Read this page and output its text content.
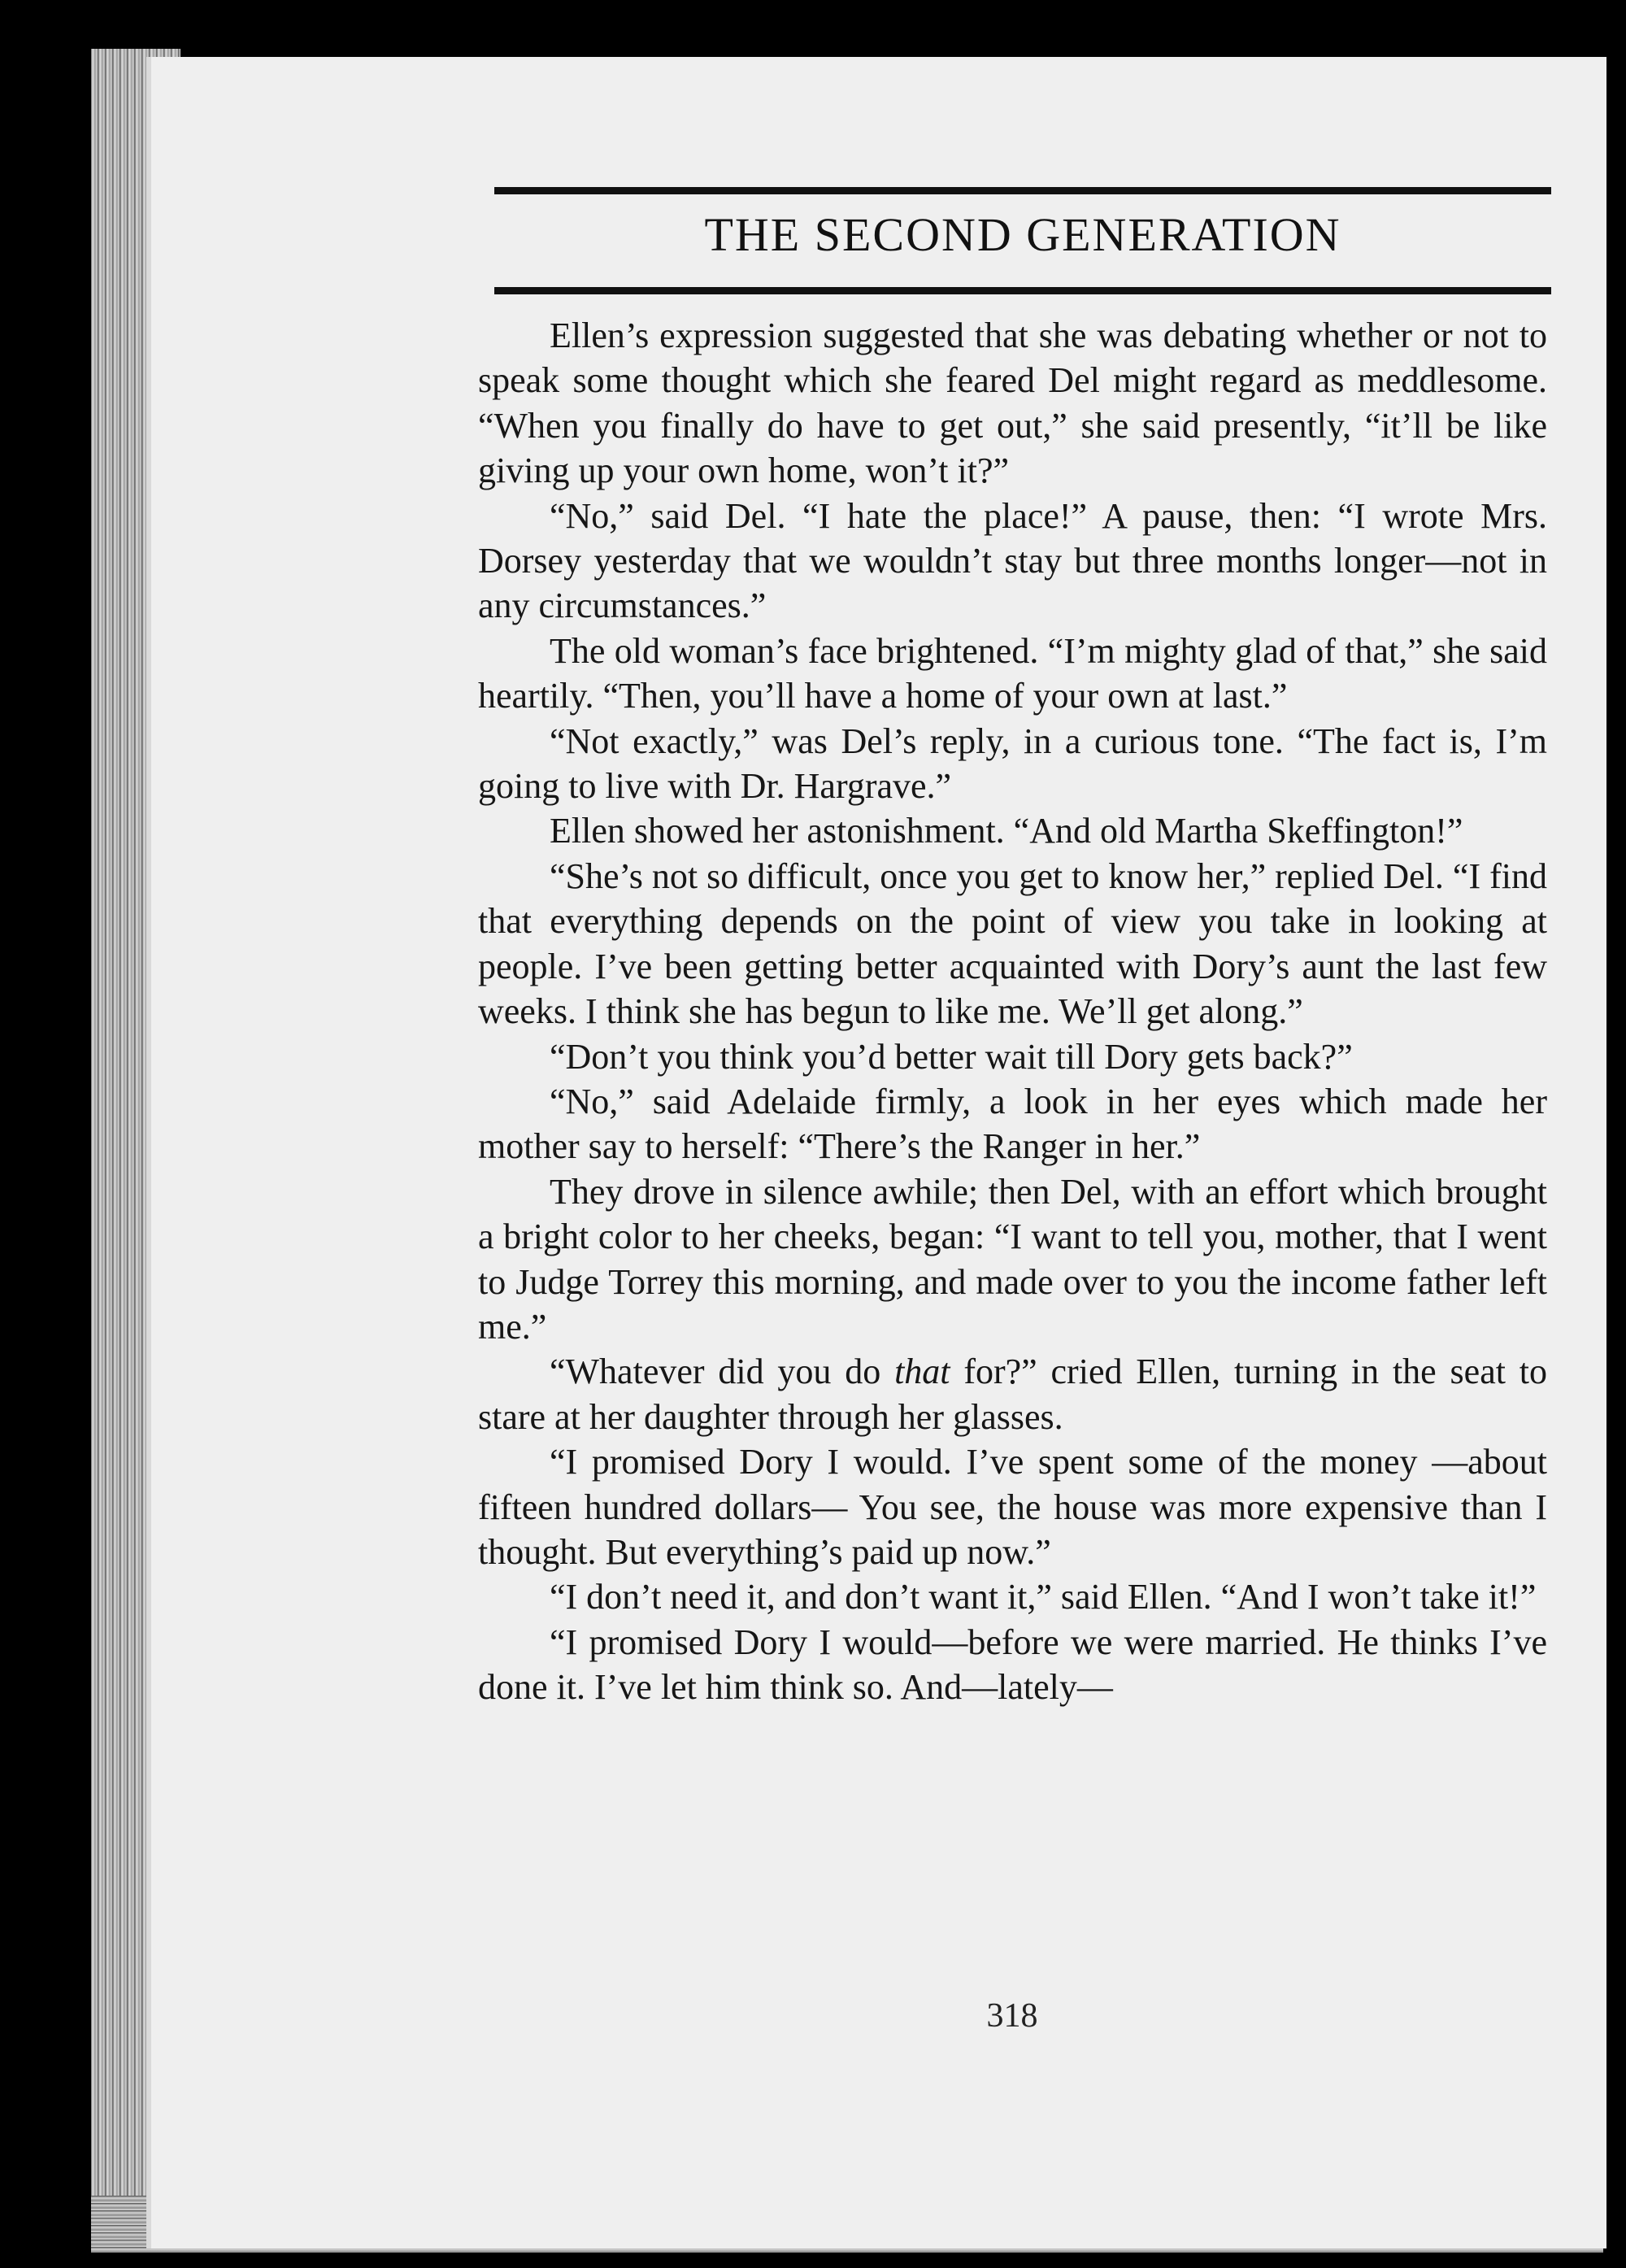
THE SECOND GENERATION

Ellen’s expression suggested that she was debating whether or not to speak some thought which she feared Del might regard as meddlesome. “When you finally do have to get out,” she said presently, “it’ll be like giving up your own home, won’t it?”

“No,” said Del. “I hate the place!” A pause, then: “I wrote Mrs. Dorsey yesterday that we wouldn’t stay but three months longer—not in any circumstances.”

The old woman’s face brightened. “I’m mighty glad of that,” she said heartily. “Then, you’ll have a home of your own at last.”

“Not exactly,” was Del’s reply, in a curious tone. “The fact is, I’m going to live with Dr. Hargrave.”

Ellen showed her astonishment. “And old Martha Skeffington!”

“She’s not so difficult, once you get to know her,” replied Del. “I find that everything depends on the point of view you take in looking at people. I’ve been getting better acquainted with Dory’s aunt the last few weeks. I think she has begun to like me. We’ll get along.”

“Don’t you think you’d better wait till Dory gets back?”

“No,” said Adelaide firmly, a look in her eyes which made her mother say to herself: “There’s the Ranger in her.”

They drove in silence awhile; then Del, with an effort which brought a bright color to her cheeks, began: “I want to tell you, mother, that I went to Judge Torrey this morning, and made over to you the income father left me.”

“Whatever did you do that for?” cried Ellen, turning in the seat to stare at her daughter through her glasses.

“I promised Dory I would. I’ve spent some of the money —about fifteen hundred dollars— You see, the house was more expensive than I thought. But everything’s paid up now.”

“I don’t need it, and don’t want it,” said Ellen. “And I won’t take it!”

“I promised Dory I would—before we were married. He thinks I’ve done it. I’ve let him think so. And—lately—

318
